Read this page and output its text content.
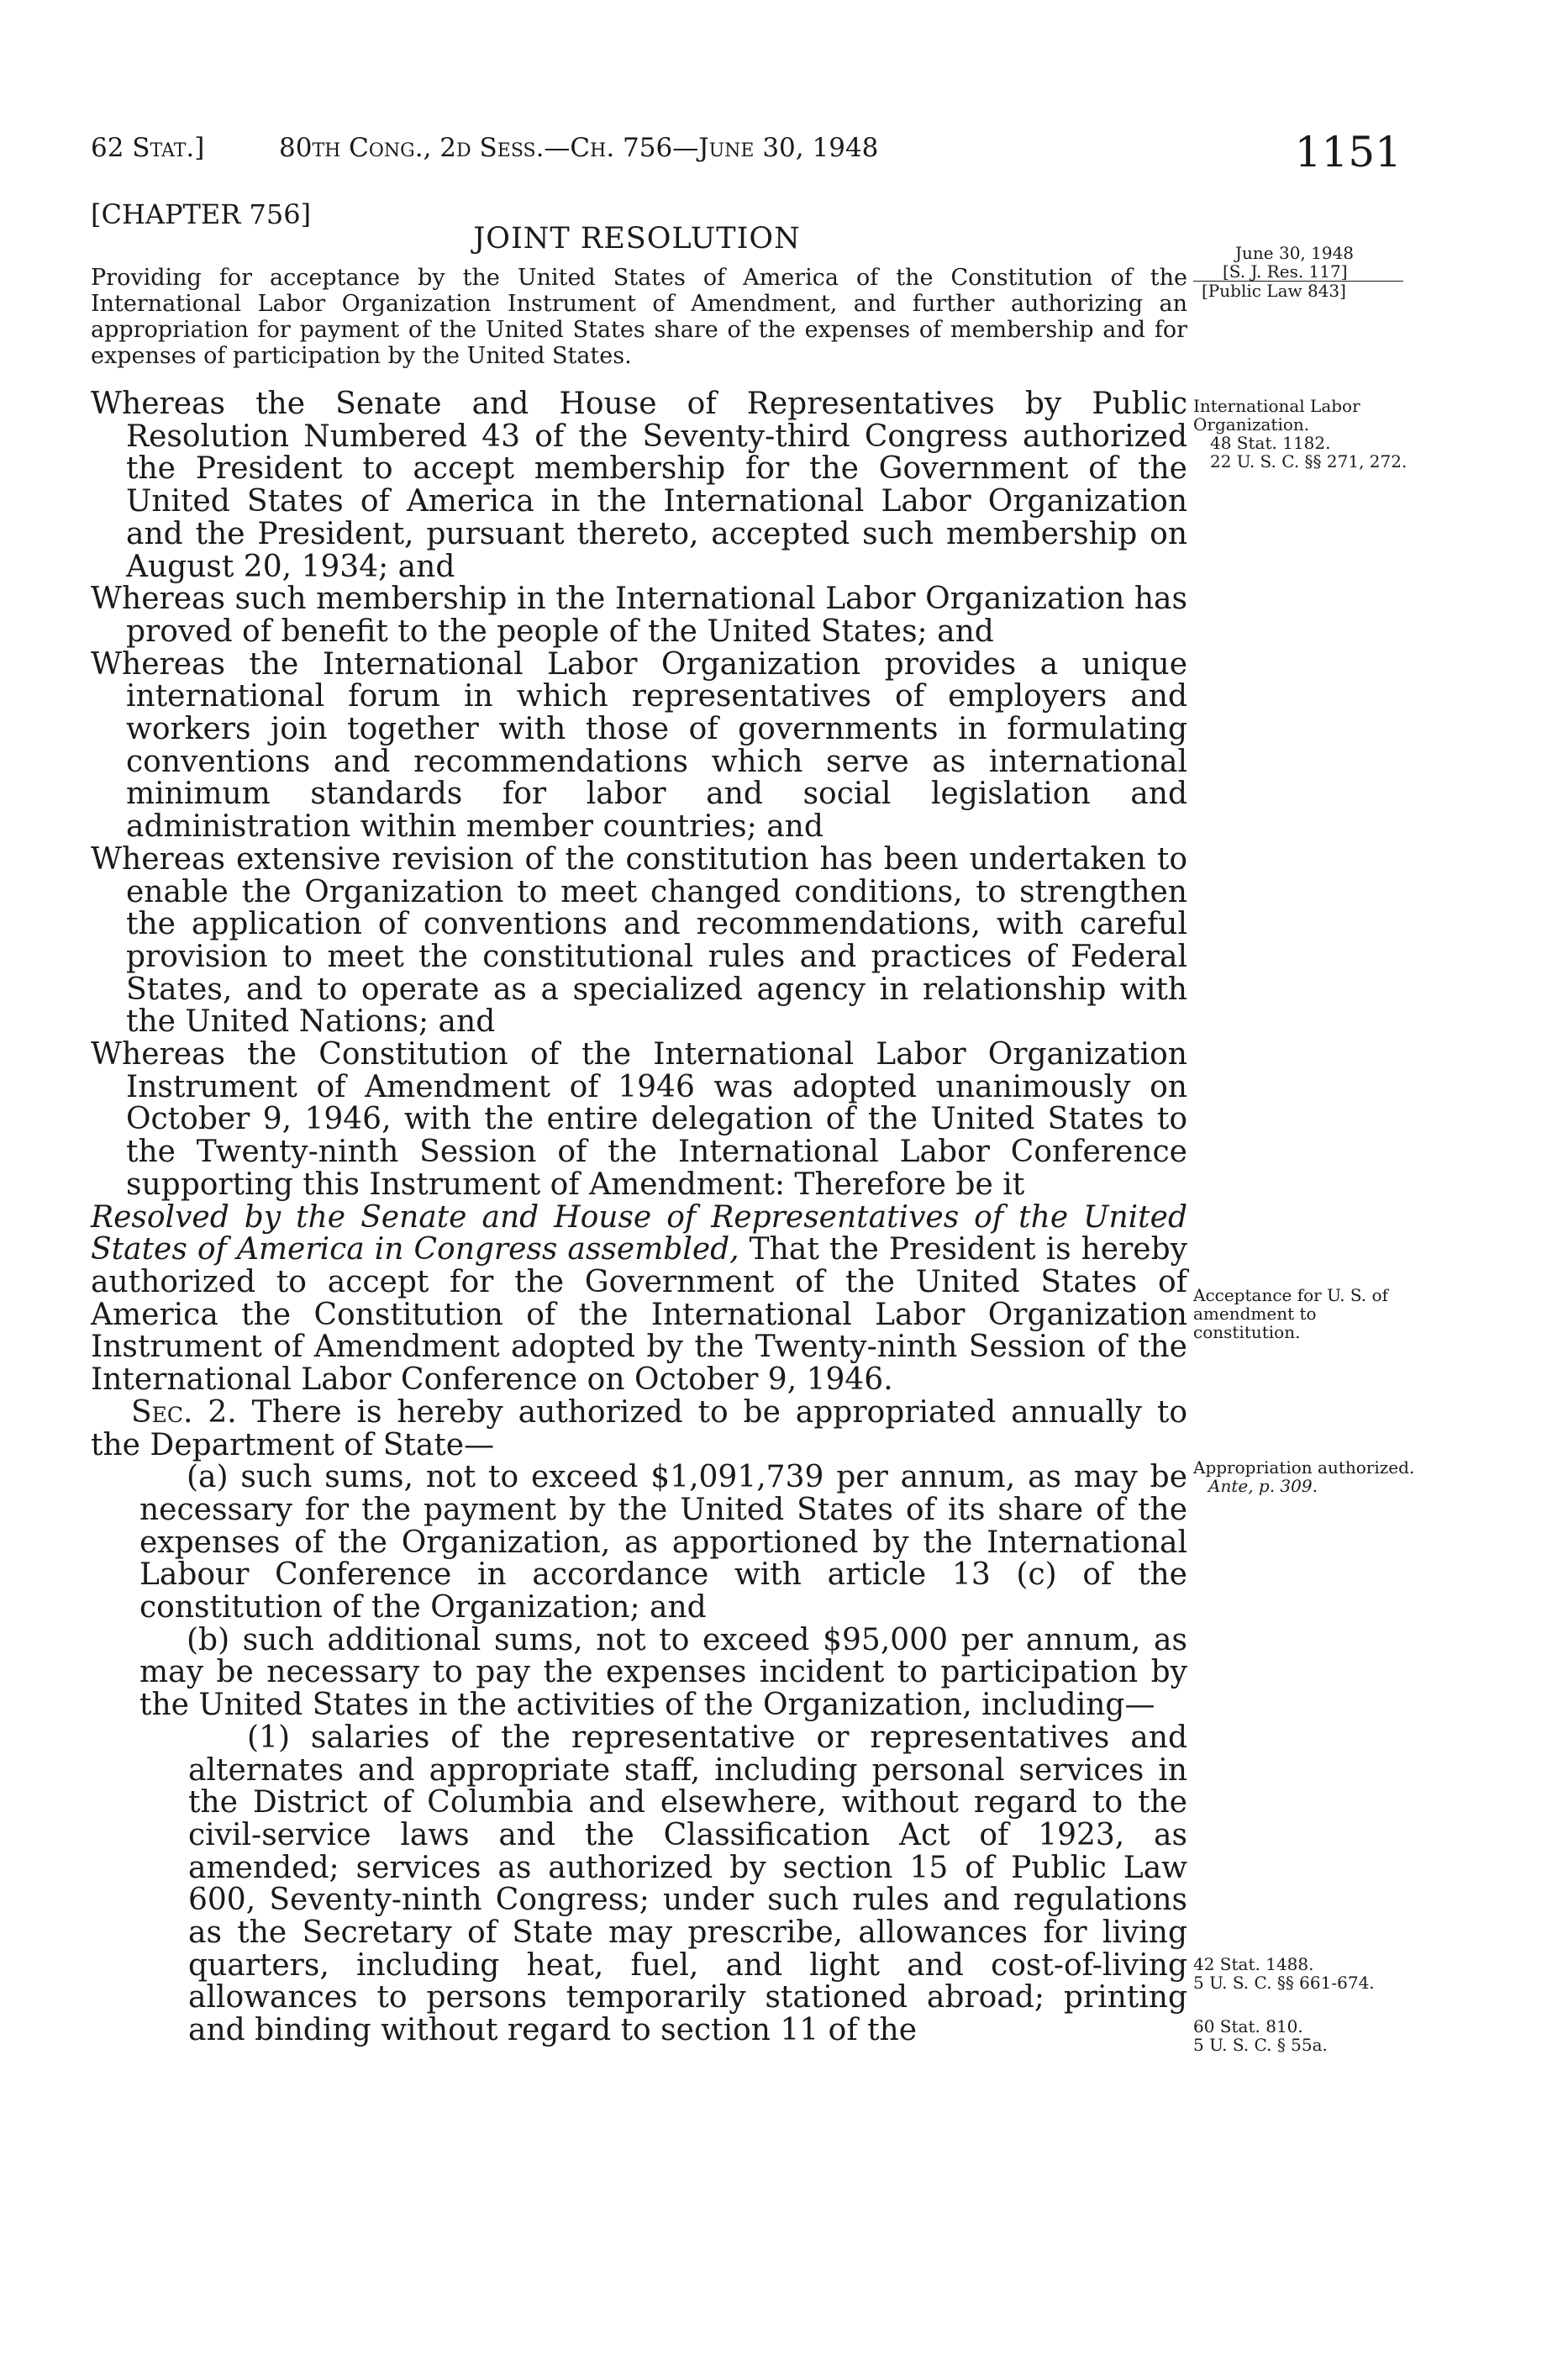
62 Stat.]	80th Cong., 2d Sess.—Ch. 756—June 30, 1948	1151
[CHAPTER 756]
JOINT RESOLUTION

Providing for acceptance by the United States of America of the Constitution of the International Labor Organization Instrument of Amendment, and further authorizing an appropriation for payment of the United States share of the expenses of membership and for expenses of participation by the United States.

June 30, 1948
[S. J. Res. 117]
[Public Law 843]
International Labor Organization.
48 Stat. 1182.
22 U. S. C. §§ 271, 272.
Acceptance for U. S. of amendment to constitution.
Appropriation authorized.
Ante, p. 309.
42 Stat. 1488.
5 U. S. C. §§ 661-674.
60 Stat. 810.
5 U. S. C. § 55a.

Whereas the Senate and House of Representatives by Public Resolution Numbered 43 of the Seventy-third Congress authorized the President to accept membership for the Government of the United States of America in the International Labor Organization and the President, pursuant thereto, accepted such membership on August 20, 1934; and

Whereas such membership in the International Labor Organization has proved of benefit to the people of the United States; and

Whereas the International Labor Organization provides a unique international forum in which representatives of employers and workers join together with those of governments in formulating conventions and recommendations which serve as international minimum standards for labor and social legislation and administration within member countries; and

Whereas extensive revision of the constitution has been undertaken to enable the Organization to meet changed conditions, to strengthen the application of conventions and recommendations, with careful provision to meet the constitutional rules and practices of Federal States, and to operate as a specialized agency in relationship with the United Nations; and

Whereas the Constitution of the International Labor Organization Instrument of Amendment of 1946 was adopted unanimously on October 9, 1946, with the entire delegation of the United States to the Twenty-ninth Session of the International Labor Conference supporting this Instrument of Amendment: Therefore be it

Resolved by the Senate and House of Representatives of the United States of America in Congress assembled, That the President is hereby authorized to accept for the Government of the United States of America the Constitution of the International Labor Organization Instrument of Amendment adopted by the Twenty-ninth Session of the International Labor Conference on October 9, 1946.

Sec. 2. There is hereby authorized to be appropriated annually to the Department of State—

(a) such sums, not to exceed $1,091,739 per annum, as may be necessary for the payment by the United States of its share of the expenses of the Organization, as apportioned by the International Labour Conference in accordance with article 13 (c) of the constitution of the Organization; and

(b) such additional sums, not to exceed $95,000 per annum, as may be necessary to pay the expenses incident to participation by the United States in the activities of the Organization, including—

(1) salaries of the representative or representatives and alternates and appropriate staff, including personal services in the District of Columbia and elsewhere, without regard to the civil-service laws and the Classification Act of 1923, as amended; services as authorized by section 15 of Public Law 600, Seventy-ninth Congress; under such rules and regulations as the Secretary of State may prescribe, allowances for living quarters, including heat, fuel, and light and cost-of-living allowances to persons temporarily stationed abroad; printing and binding without regard to section 11 of the
